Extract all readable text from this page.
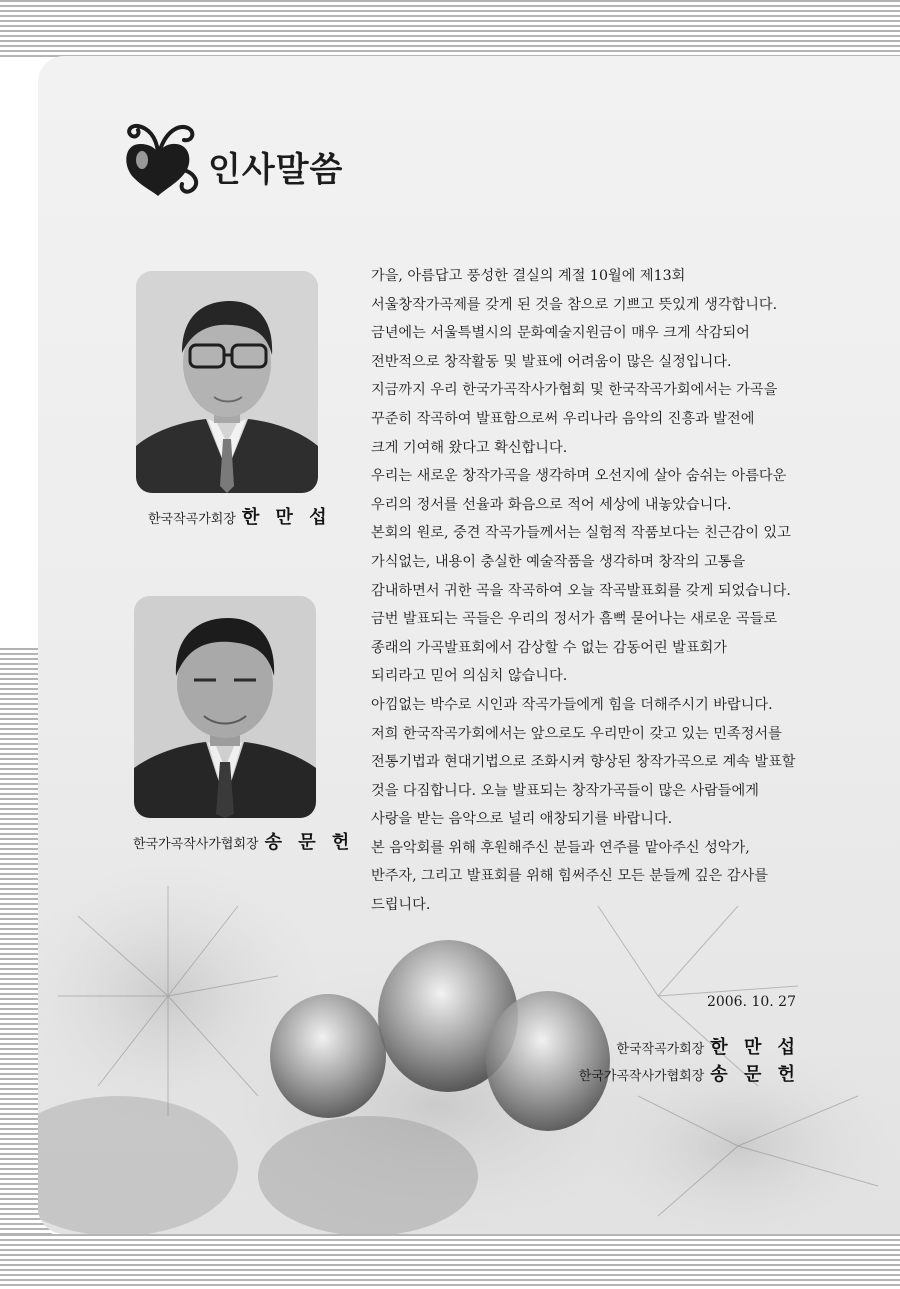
인사말씀
한국작곡가회장 한 만 섭
한국가곡작사가협회장 송 문 헌
가을, 아름답고 풍성한 결실의 계절 10월에 제13회
서울창작가곡제를 갖게 된 것을 참으로 기쁘고 뜻있게 생각합니다.
금년에는 서울특별시의 문화예술지원금이 매우 크게 삭감되어
전반적으로 창작활동 및 발표에 어려움이 많은 실정입니다.
지금까지 우리 한국가곡작사가협회 및 한국작곡가회에서는 가곡을
꾸준히 작곡하여 발표함으로써 우리나라 음악의 진흥과 발전에
크게 기여해 왔다고 확신합니다.
우리는 새로운 창작가곡을 생각하며 오선지에 살아 숨쉬는 아름다운
우리의 정서를 선율과 화음으로 적어 세상에 내놓았습니다.
본회의 원로, 중견 작곡가들께서는 실험적 작품보다는 친근감이 있고
가식없는, 내용이 충실한 예술작품을 생각하며 창작의 고통을
감내하면서 귀한 곡을 작곡하여 오늘 작곡발표회를 갖게 되었습니다.
금번 발표되는 곡들은 우리의 정서가 흠뻑 묻어나는 새로운 곡들로
종래의 가곡발표회에서 감상할 수 없는 감동어린 발표회가
되리라고 믿어 의심치 않습니다.
아낌없는 박수로 시인과 작곡가들에게 힘을 더해주시기 바랍니다.
저희 한국작곡가회에서는 앞으로도 우리만이 갖고 있는 민족정서를
전통기법과 현대기법으로 조화시켜 향상된 창작가곡으로 계속 발표할
것을 다짐합니다. 오늘 발표되는 창작가곡들이 많은 사람들에게
사랑을 받는 음악으로 널리 애창되기를 바랍니다.
본 음악회를 위해 후원해주신 분들과 연주를 맡아주신 성악가,
반주자, 그리고 발표회를 위해 힘써주신 모든 분들께 깊은 감사를
드립니다.
2006. 10. 27
한국작곡가회장 한 만 섭
한국가곡작사가협회장 송 문 헌
